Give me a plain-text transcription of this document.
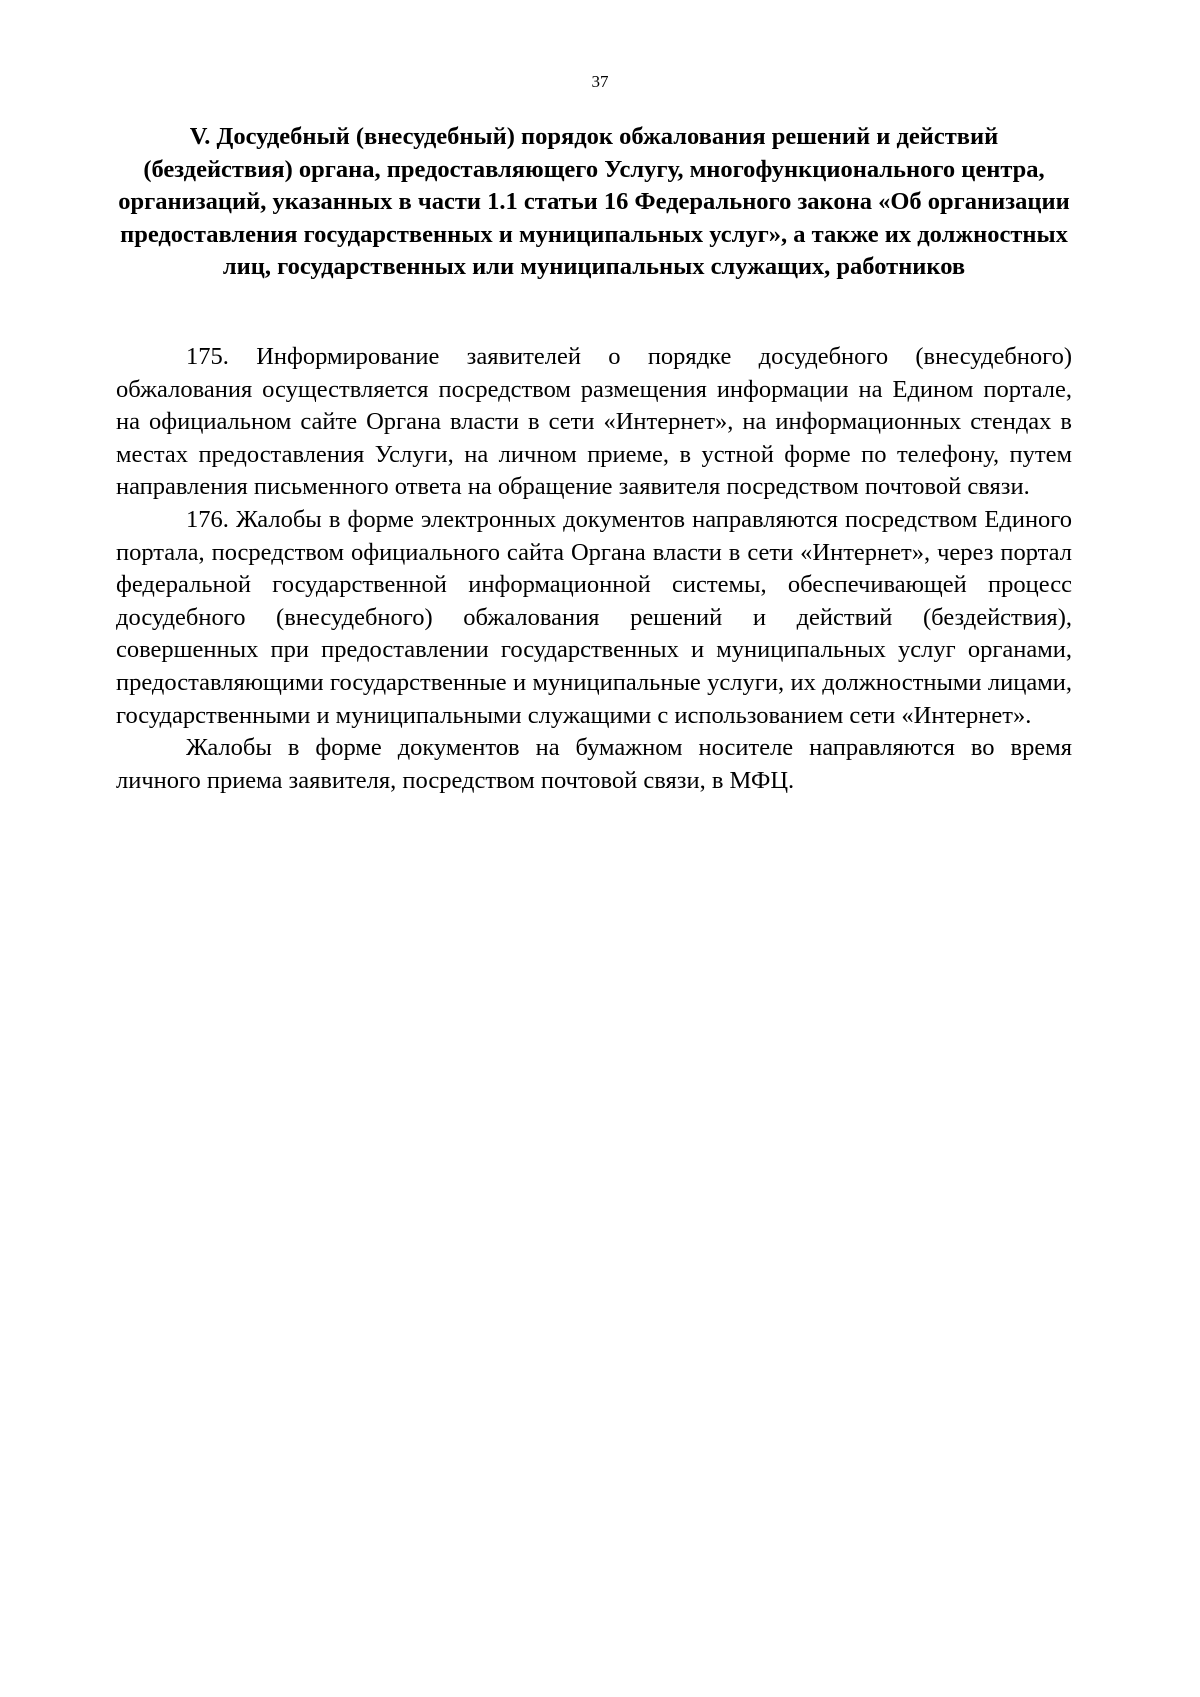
37
V. Досудебный (внесудебный) порядок обжалования решений и действий (бездействия) органа, предоставляющего Услугу, многофункционального центра, организаций, указанных в части 1.1 статьи 16 Федерального закона «Об организации предоставления государственных и муниципальных услуг», а также их должностных лиц, государственных или муниципальных служащих, работников

175. Информирование заявителей о порядке досудебного (внесудебного) обжалования осуществляется посредством размещения информации на Едином портале, на официальном сайте Органа власти в сети «Интернет», на информационных стендах в местах предоставления Услуги, на личном приеме, в устной форме по телефону, путем направления письменного ответа на обращение заявителя посредством почтовой связи.

176. Жалобы в форме электронных документов направляются посредством Единого портала, посредством официального сайта Органа власти в сети «Интернет», через портал федеральной государственной информационной системы, обеспечивающей процесс досудебного (внесудебного) обжалования решений и действий (бездействия), совершенных при предоставлении государственных и муниципальных услуг органами, предоставляющими государственные и муниципальные услуги, их должностными лицами, государственными и муниципальными служащими с использованием сети «Интернет».

Жалобы в форме документов на бумажном носителе направляются во время личного приема заявителя, посредством почтовой связи, в МФЦ.
